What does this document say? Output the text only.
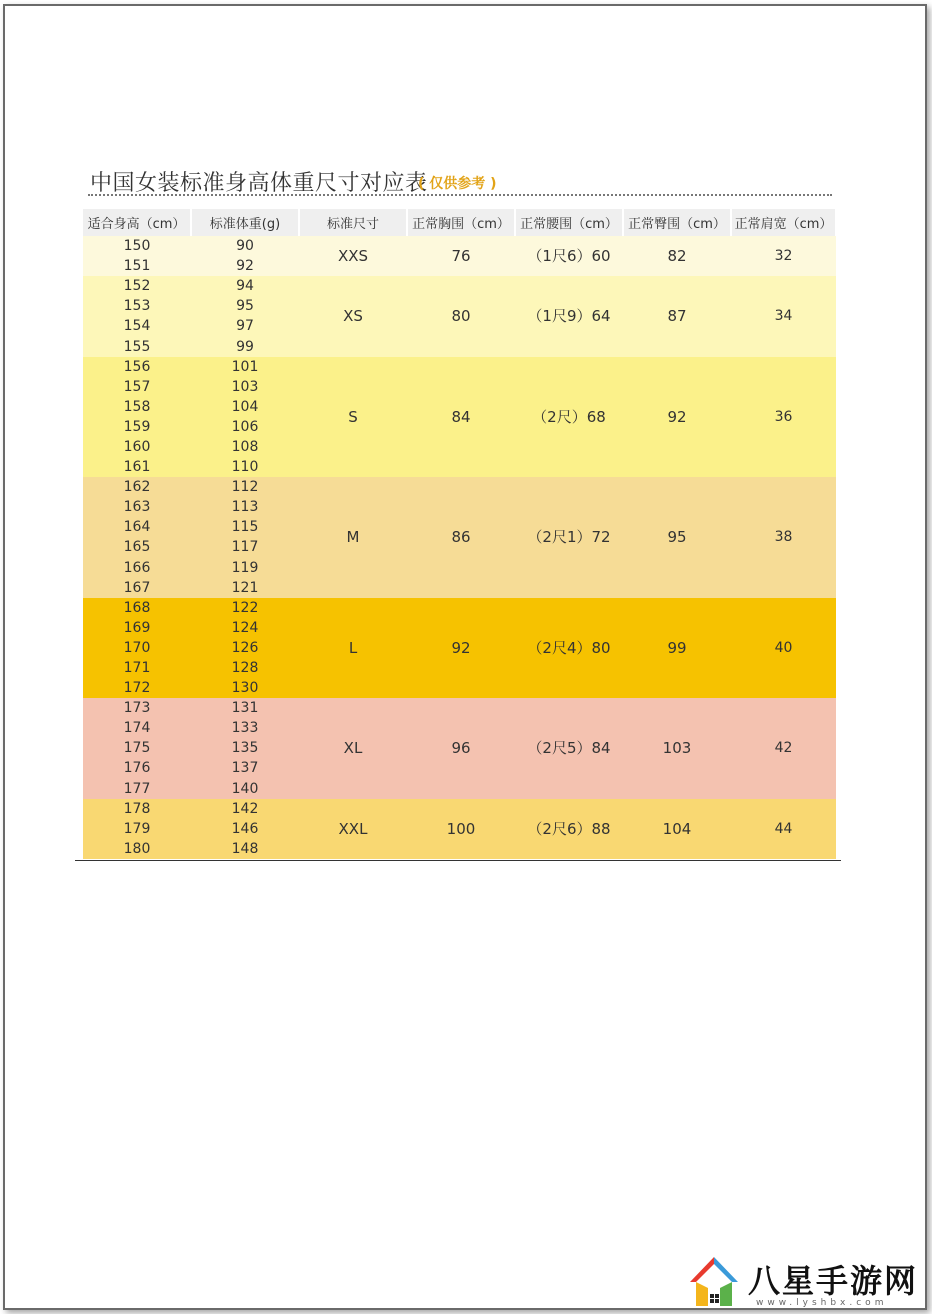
中国女装标准身高体重尺寸对应表
( 仅供参考 )
适合身高（cm）	标准体重(g)	标准尺寸	正常胸围（cm）	正常腰围（cm）	正常臀围（cm）	正常肩宽（cm）
150	90	XXS	76	（1尺6）60	82	32
151	92					
152	94	XS	80	（1尺9）64	87	34
153	95					
154	97					
155	99					
156	101	S	84	（2尺）68	92	36
157	103					
158	104					
159	106					
160	108					
161	110					
162	112	M	86	（2尺1）72	95	38
163	113					
164	115					
165	117					
166	119					
167	121					
168	122	L	92	（2尺4）80	99	40
169	124					
170	126					
171	128					
172	130					
173	131	XL	96	（2尺5）84	103	42
174	133					
175	135					
176	137					
177	140					
178	142	XXL	100	（2尺6）88	104	44
179	146					
180	148					
八星手游网
www.lyshbx.com
